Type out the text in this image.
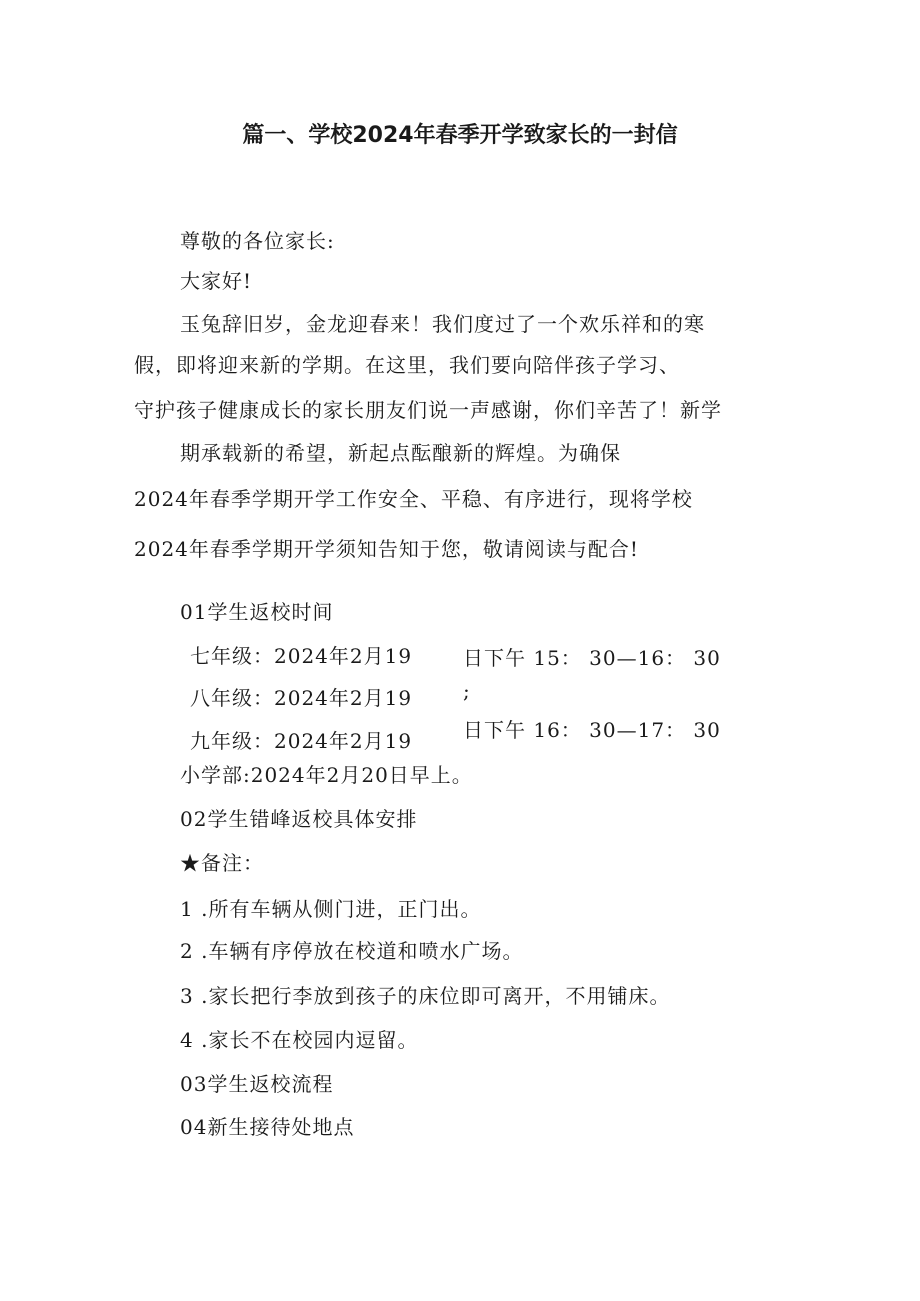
篇一、学校2024年春季开学致家长的一封信
尊敬的各位家长:
大家好!
玉兔辞旧岁，金龙迎春来！我们度过了一个欢乐祥和的寒
假，即将迎来新的学期。在这里，我们要向陪伴孩子学习、
守护孩子健康成长的家长朋友们说一声感谢，你们辛苦了！新学
期承载新的希望，新起点酝酿新的辉煌。为确保
2024年春季学期开学工作安全、平稳、有序进行，现将学校
2024年春季学期开学须知告知于您，敬请阅读与配合!
01学生返校时间
七年级：2024年2月19
八年级：2024年2月19
九年级：2024年2月19
日下午 15： 30—16： 30
;
日下午 16： 30—17： 30
小学部:2024年2月20日早上。
02学生错峰返校具体安排
★备注：
1 .所有车辆从侧门进，正门出。
2 .车辆有序停放在校道和喷水广场。
3 .家长把行李放到孩子的床位即可离开，不用铺床。
4 .家长不在校园内逗留。
03学生返校流程
04新生接待处地点
